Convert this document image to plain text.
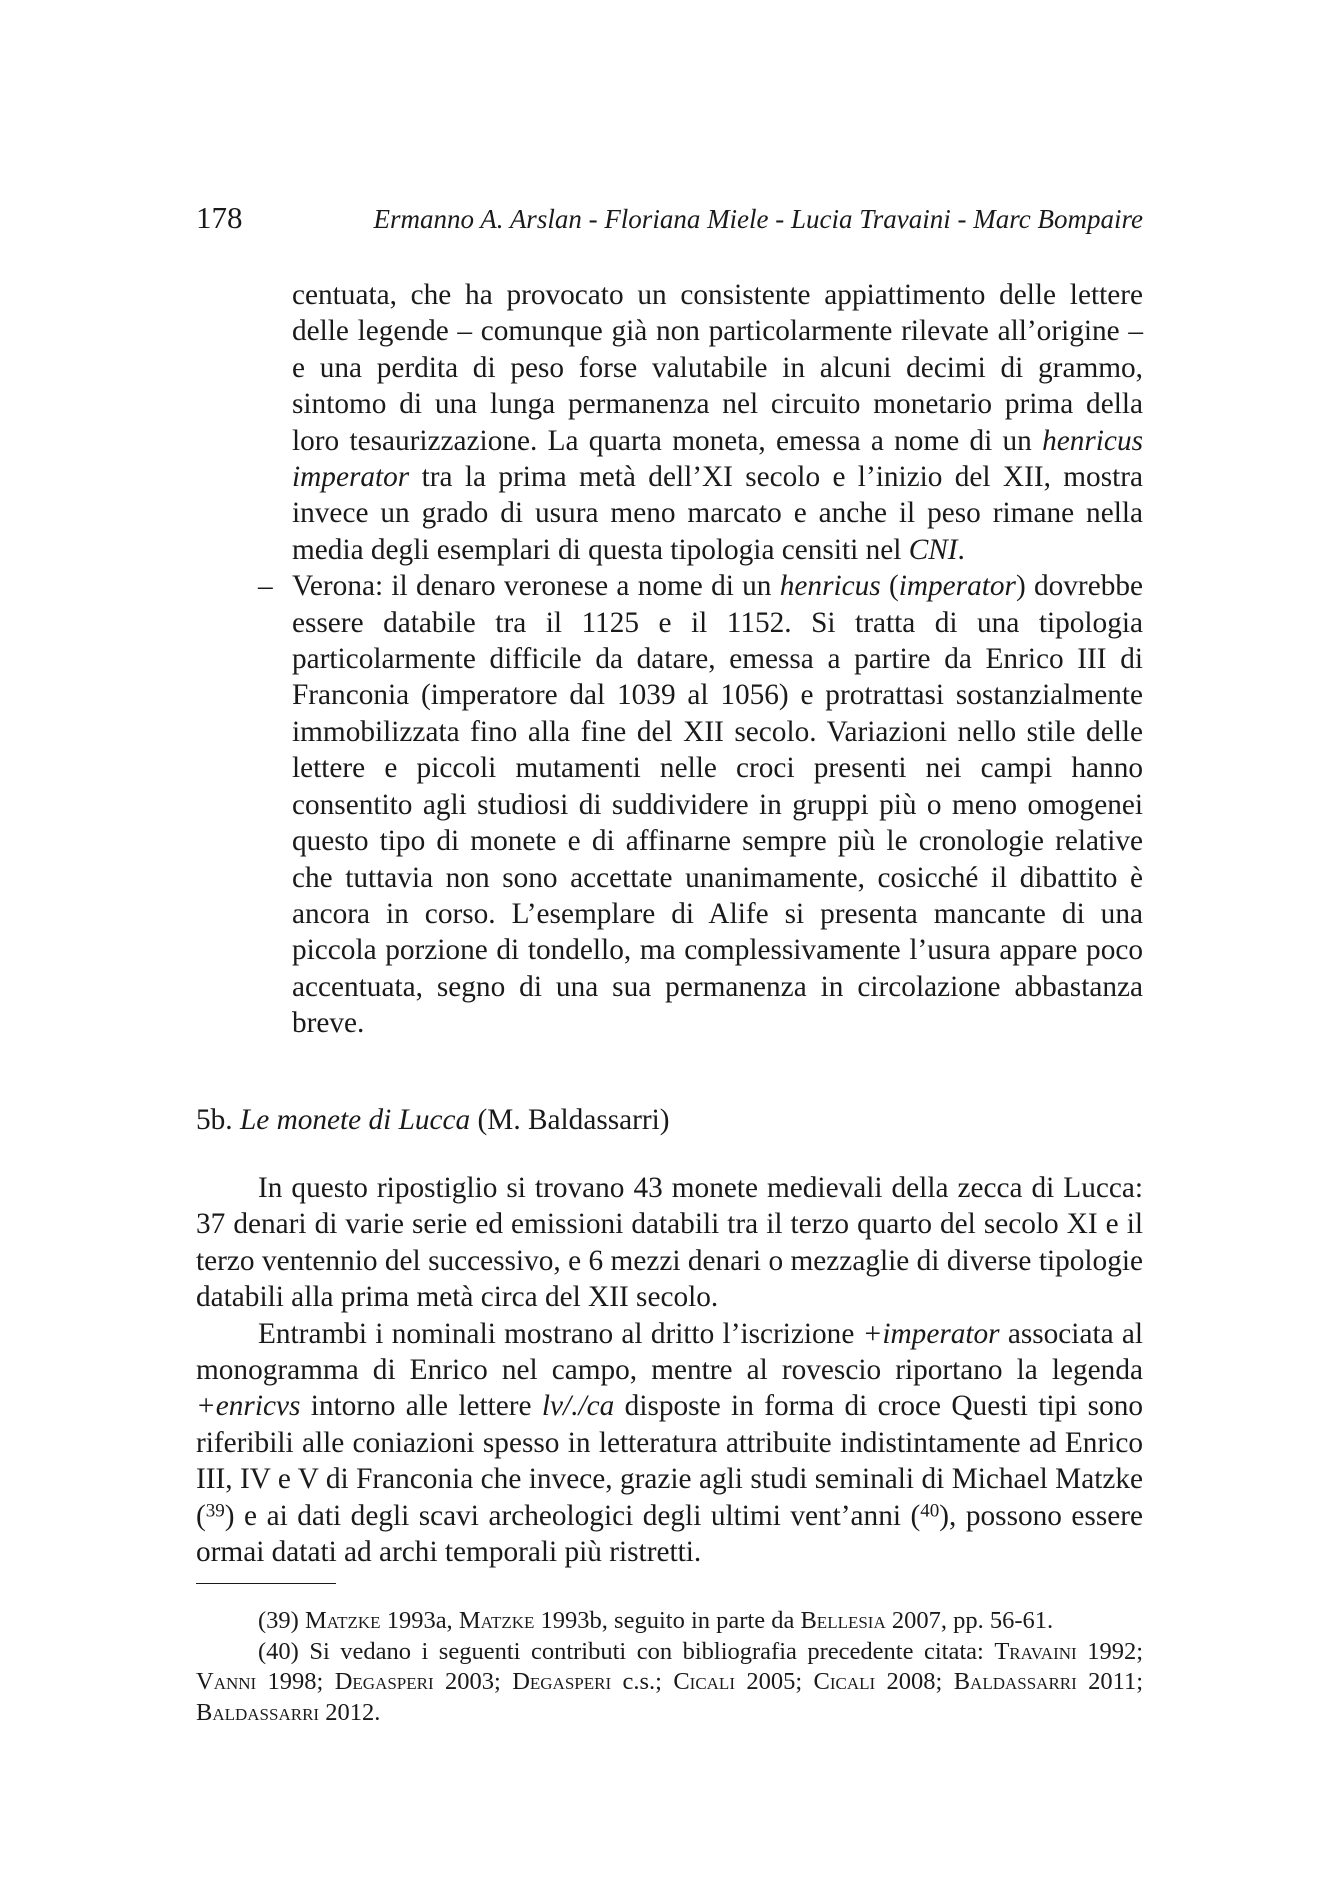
178	Ermanno A. Arslan - Floriana Miele - Lucia Travaini - Marc Bompaire

centuata, che ha provocato un consistente appiattimento delle lettere delle legende – comunque già non particolarmente rilevate all’origine – e una perdita di peso forse valutabile in alcuni decimi di grammo, sintomo di una lunga permanenza nel circuito monetario prima della loro tesaurizzazione. La quarta moneta, emessa a nome di un henricus imperator tra la prima metà dell’XI secolo e l’inizio del XII, mostra invece un grado di usura meno marcato e anche il peso rimane nella media degli esemplari di questa tipologia censiti nel CNI.

– Verona: il denaro veronese a nome di un henricus (imperator) dovrebbe essere databile tra il 1125 e il 1152. Si tratta di una tipologia particolarmente difficile da datare, emessa a partire da Enrico III di Franconia (imperatore dal 1039 al 1056) e protrattasi sostanzialmente immobilizzata fino alla fine del XII secolo. Variazioni nello stile delle lettere e piccoli mutamenti nelle croci presenti nei campi hanno consentito agli studiosi di suddividere in gruppi più o meno omogenei questo tipo di monete e di affinarne sempre più le cronologie relative che tuttavia non sono accettate unanimamente, cosicché il dibattito è ancora in corso. L’esemplare di Alife si presenta mancante di una piccola porzione di tondello, ma complessivamente l’usura appare poco accentuata, segno di una sua permanenza in circolazione abbastanza breve.

5b. Le monete di Lucca (M. Baldassarri)

In questo ripostiglio si trovano 43 monete medievali della zecca di Lucca: 37 denari di varie serie ed emissioni databili tra il terzo quarto del secolo XI e il terzo ventennio del successivo, e 6 mezzi denari o mezzaglie di diverse tipologie databili alla prima metà circa del XII secolo.

Entrambi i nominali mostrano al dritto l’iscrizione +imperator associata al monogramma di Enrico nel campo, mentre al rovescio riportano la legenda +enricvs intorno alle lettere lv/./ca disposte in forma di croce Questi tipi sono riferibili alle coniazioni spesso in letteratura attribuite indistintamente ad Enrico III, IV e V di Franconia che invece, grazie agli studi seminali di Michael Matzke ($^{39}$) e ai dati degli scavi archeologici degli ultimi vent’anni ($^{40}$), possono essere ormai datati ad archi temporali più ristretti.

(39) Matzke 1993a, Matzke 1993b, seguito in parte da Bellesia 2007, pp. 56-61.

(40) Si vedano i seguenti contributi con bibliografia precedente citata: Travaini 1992; Vanni 1998; Degasperi 2003; Degasperi c.s.; Cicali 2005; Cicali 2008; Baldassarri 2011; Baldassarri 2012.
